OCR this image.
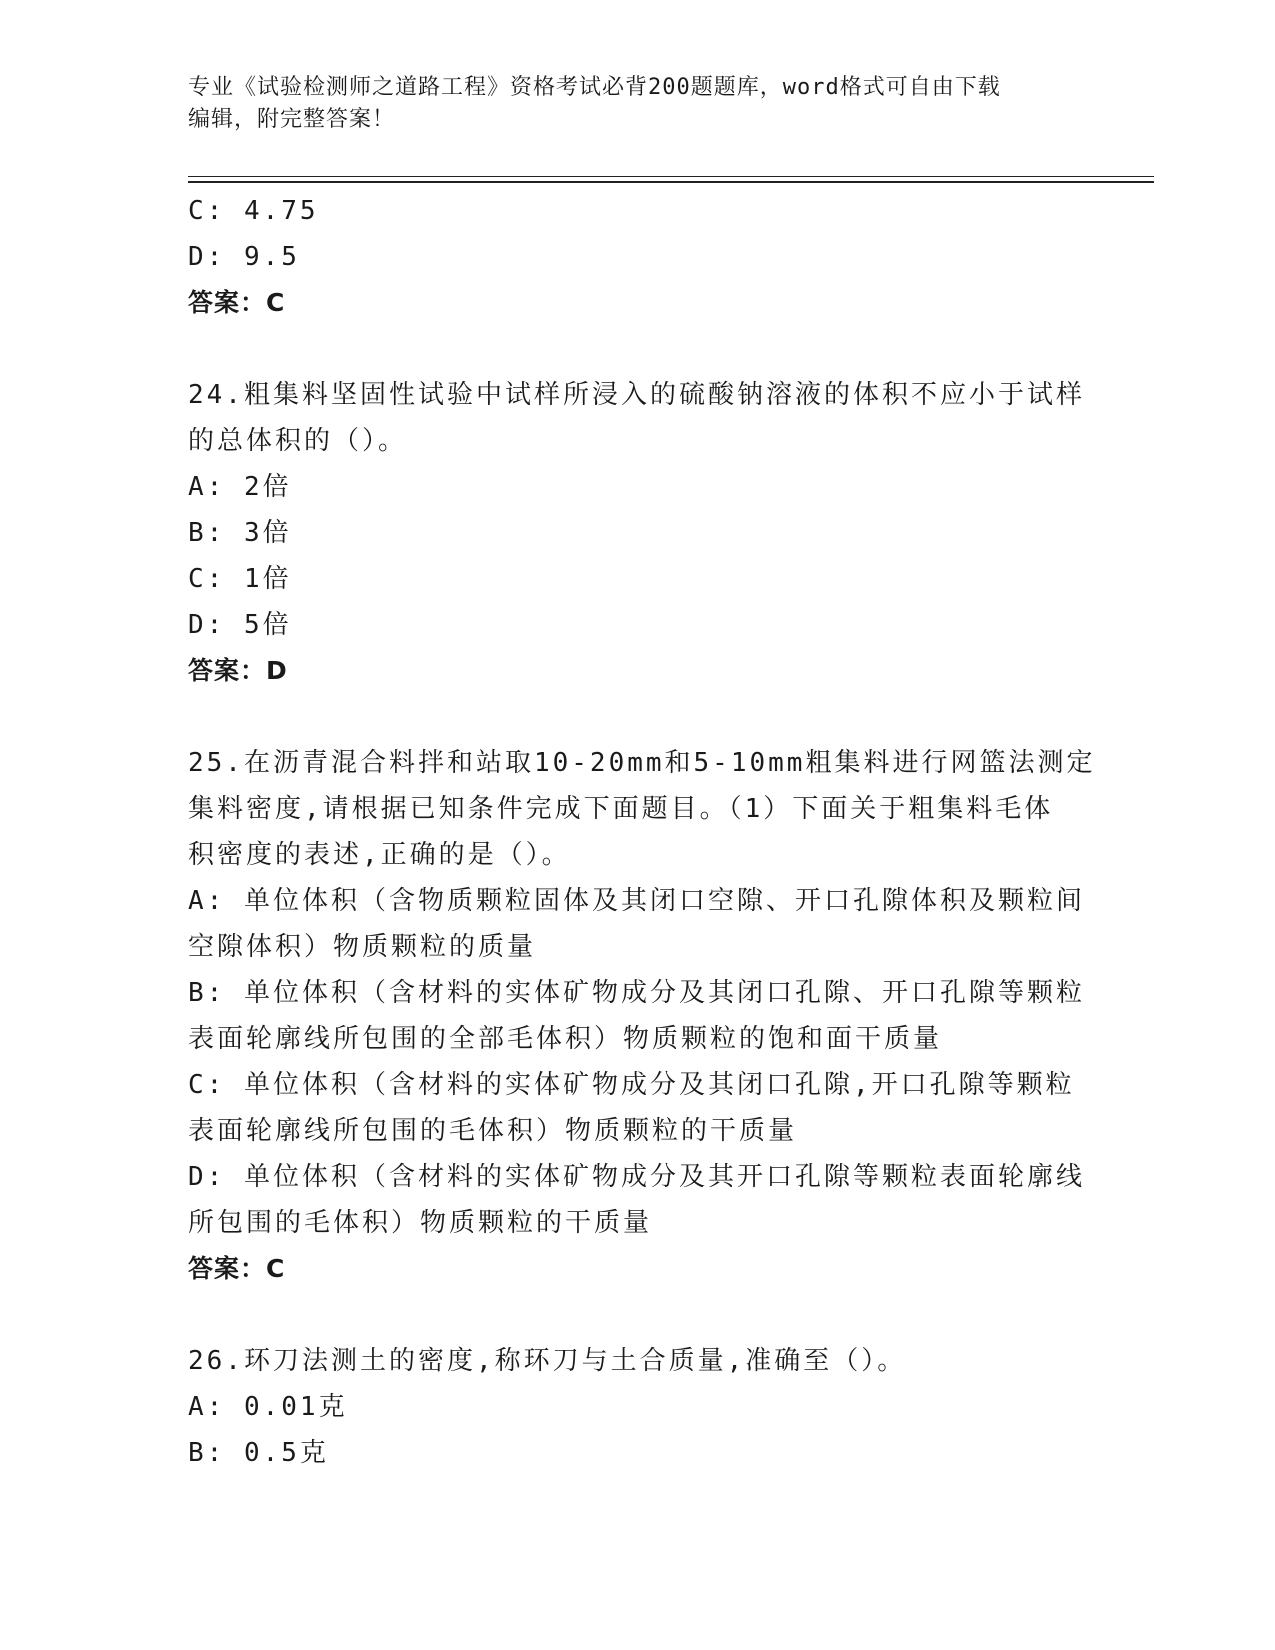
专业《试验检测师之道路工程》资格考试必背200题题库，word格式可自由下载
编辑，附完整答案！

C: 4.75

D: 9.5

答案：C

24.粗集料坚固性试验中试样所浸入的硫酸钠溶液的体积不应小于试样

的总体积的（）。

A: 2倍

B: 3倍

C: 1倍

D: 5倍

答案：D

25.在沥青混合料拌和站取10-20mm和5-10mm粗集料进行网篮法测定

集料密度,请根据已知条件完成下面题目。（1）下面关于粗集料毛体

积密度的表述,正确的是（）。

A: 单位体积（含物质颗粒固体及其闭口空隙、开口孔隙体积及颗粒间

空隙体积）物质颗粒的质量

B: 单位体积（含材料的实体矿物成分及其闭口孔隙、开口孔隙等颗粒

表面轮廓线所包围的全部毛体积）物质颗粒的饱和面干质量

C: 单位体积（含材料的实体矿物成分及其闭口孔隙,开口孔隙等颗粒

表面轮廓线所包围的毛体积）物质颗粒的干质量

D: 单位体积（含材料的实体矿物成分及其开口孔隙等颗粒表面轮廓线

所包围的毛体积）物质颗粒的干质量

答案：C

26.环刀法测土的密度,称环刀与土合质量,准确至（）。

A: 0.01克

B: 0.5克
